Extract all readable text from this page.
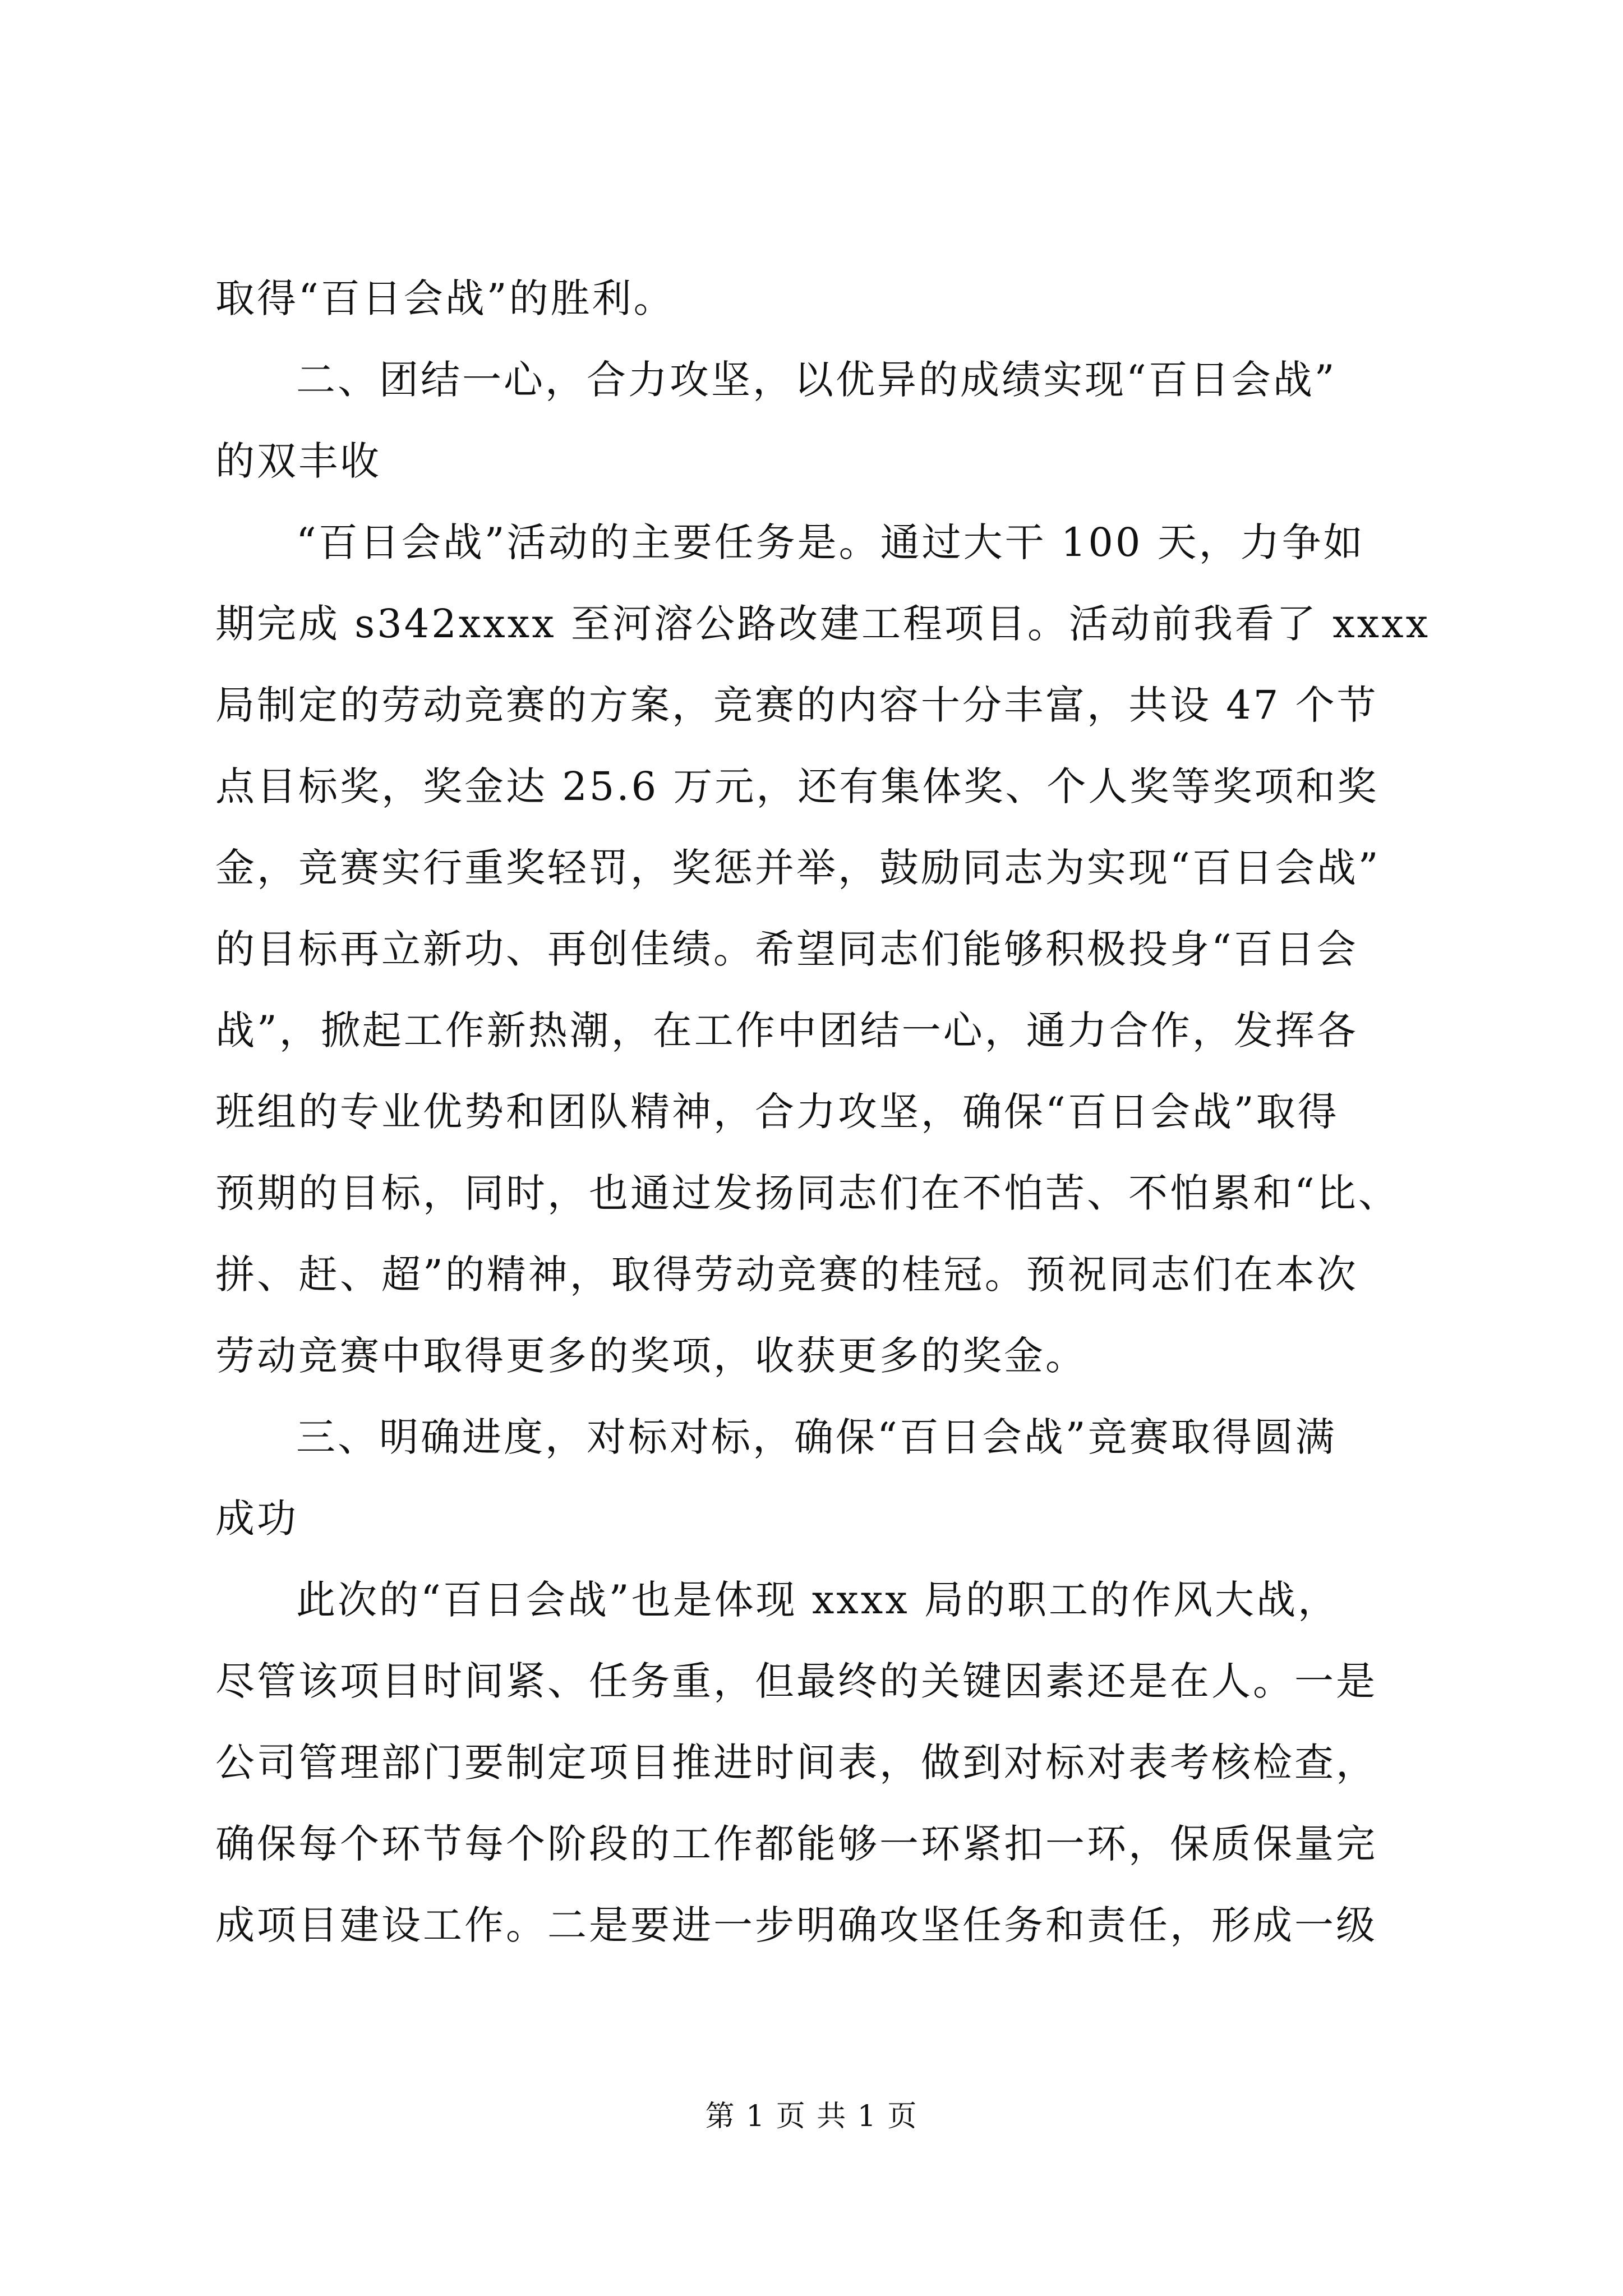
取得“百日会战”的胜利。
二、团结一心，合力攻坚，以优异的成绩实现“百日会战”
的双丰收
“百日会战”活动的主要任务是。通过大干 100 天，力争如
期完成 s342xxxx 至河溶公路改建工程项目。活动前我看了 xxxx
局制定的劳动竞赛的方案，竞赛的内容十分丰富，共设 47 个节
点目标奖，奖金达 25.6 万元，还有集体奖、个人奖等奖项和奖
金，竞赛实行重奖轻罚，奖惩并举，鼓励同志为实现“百日会战”
的目标再立新功、再创佳绩。希望同志们能够积极投身“百日会
战”，掀起工作新热潮，在工作中团结一心，通力合作，发挥各
班组的专业优势和团队精神，合力攻坚，确保“百日会战”取得
预期的目标，同时，也通过发扬同志们在不怕苦、不怕累和“比、
拼、赶、超”的精神，取得劳动竞赛的桂冠。预祝同志们在本次
劳动竞赛中取得更多的奖项，收获更多的奖金。
三、明确进度，对标对标，确保“百日会战”竞赛取得圆满
成功
此次的“百日会战”也是体现 xxxx 局的职工的作风大战，
尽管该项目时间紧、任务重，但最终的关键因素还是在人。一是
公司管理部门要制定项目推进时间表，做到对标对表考核检查，
确保每个环节每个阶段的工作都能够一环紧扣一环，保质保量完
成项目建设工作。二是要进一步明确攻坚任务和责任，形成一级
第 1 页 共 1 页
